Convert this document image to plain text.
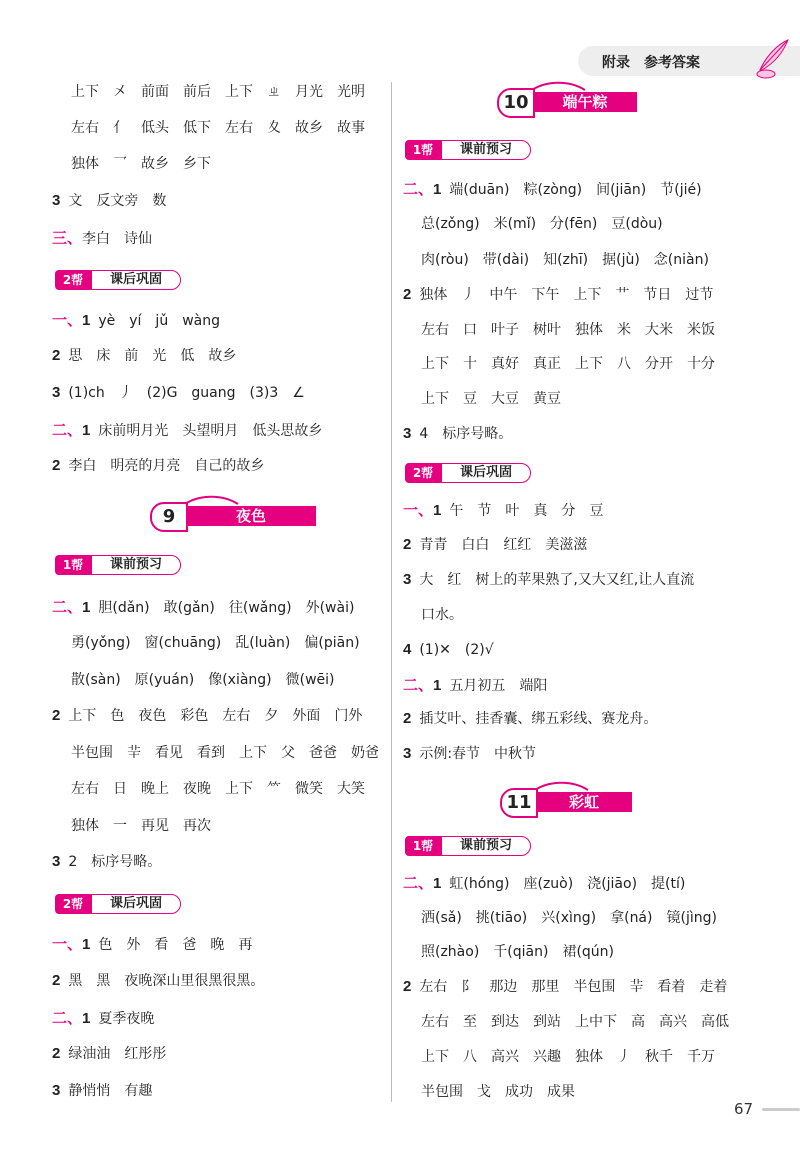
附录　参考答案
上下　㐅　前面　前后　上下　ㄓ　月光　光明
左右　亻　低头　低下　左右　夊　故乡　故事
独体　乛　故乡　乡下
3 文　反文旁　数
三、李白　诗仙
2帮	课后巩固
一、1 yè　yí　jǔ　wàng
2 思　床　前　光　低　故乡
3 (1)ch　丿　(2)G　guang　(3)3　∠
二、1 床前明月光　头望明月　低头思故乡
2 李白　明亮的月亮　自己的故乡
9	夜色
1帮	课前预习
二、1 胆(dǎn)　敢(gǎn)　往(wǎng)　外(wài)
勇(yǒng)　窗(chuāng)　乱(luàn)　偏(piān)
散(sàn)　原(yuán)　像(xiàng)　微(wēi)
2 上下　色　夜色　彩色　左右　夕　外面　门外
半包围　⺸　看见　看到　上下　父　爸爸　奶爸
左右　日　晚上　夜晚　上下　⺮　微笑　大笑
独体　一　再见　再次
3 2　标序号略。
2帮	课后巩固
一、1 色　外　看　爸　晚　再
2 黑　黑　夜晚深山里很黑很黑。
二、1 夏季夜晚
2 绿油油　红彤彤
3 静悄悄　有趣
10	端午粽
1帮	课前预习
二、1 端(duān)　粽(zòng)　间(jiān)　节(jié)
总(zǒng)　米(mǐ)　分(fēn)　豆(dòu)
肉(ròu)　带(dài)　知(zhī)　据(jù)　念(niàn)
2 独体　丿　中午　下午　上下　艹　节日　过节
左右　口　叶子　树叶　独体　米　大米　米饭
上下　十　真好　真正　上下　八　分开　十分
上下　豆　大豆　黄豆
3 4　标序号略。
2帮	课后巩固
一、1 午　节　叶　真　分　豆
2 青青　白白　红红　美滋滋
3 大　红　树上的苹果熟了,又大又红,让人直流
口水。
4 (1)✕　(2)√
二、1 五月初五　端阳
2 插艾叶、挂香囊、绑五彩线、赛龙舟。
3 示例:春节　中秋节
11	彩虹
1帮	课前预习
二、1 虹(hóng)　座(zuò)　浇(jiāo)　提(tí)
洒(sǎ)　挑(tiāo)　兴(xìng)　拿(ná)　镜(jìng)
照(zhào)　千(qiān)　裙(qún)
2 左右　阝　那边　那里　半包围　⺸　看着　走着
左右　至　到达　到站　上中下　高　高兴　高低
上下　八　高兴　兴趣　独体　丿　秋千　千万
半包围　戈　成功　成果
67
